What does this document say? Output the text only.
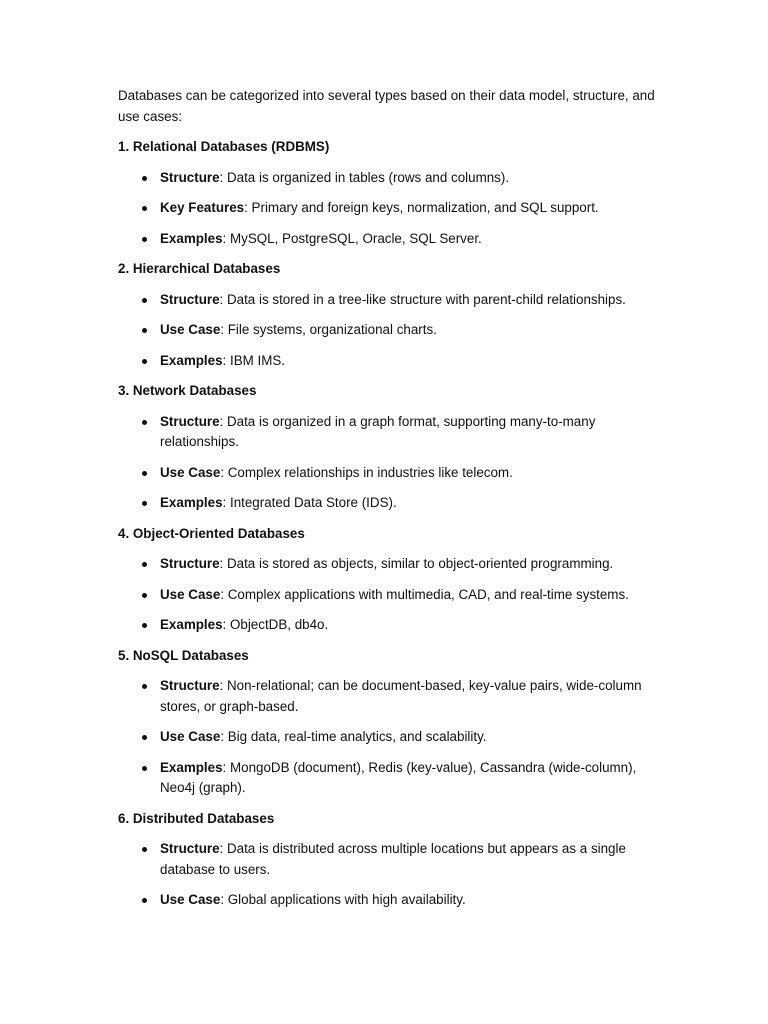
Databases can be categorized into several types based on their data model, structure, and use cases:

1. Relational Databases (RDBMS)

Structure: Data is organized in tables (rows and columns).
Key Features: Primary and foreign keys, normalization, and SQL support.
Examples: MySQL, PostgreSQL, Oracle, SQL Server.

2. Hierarchical Databases

Structure: Data is stored in a tree-like structure with parent-child relationships.
Use Case: File systems, organizational charts.
Examples: IBM IMS.

3. Network Databases

Structure: Data is organized in a graph format, supporting many-to-many relationships.
Use Case: Complex relationships in industries like telecom.
Examples: Integrated Data Store (IDS).

4. Object-Oriented Databases

Structure: Data is stored as objects, similar to object-oriented programming.
Use Case: Complex applications with multimedia, CAD, and real-time systems.
Examples: ObjectDB, db4o.

5. NoSQL Databases

Structure: Non-relational; can be document-based, key-value pairs, wide-column stores, or graph-based.
Use Case: Big data, real-time analytics, and scalability.
Examples: MongoDB (document), Redis (key-value), Cassandra (wide-column), Neo4j (graph).

6. Distributed Databases

Structure: Data is distributed across multiple locations but appears as a single database to users.
Use Case: Global applications with high availability.
